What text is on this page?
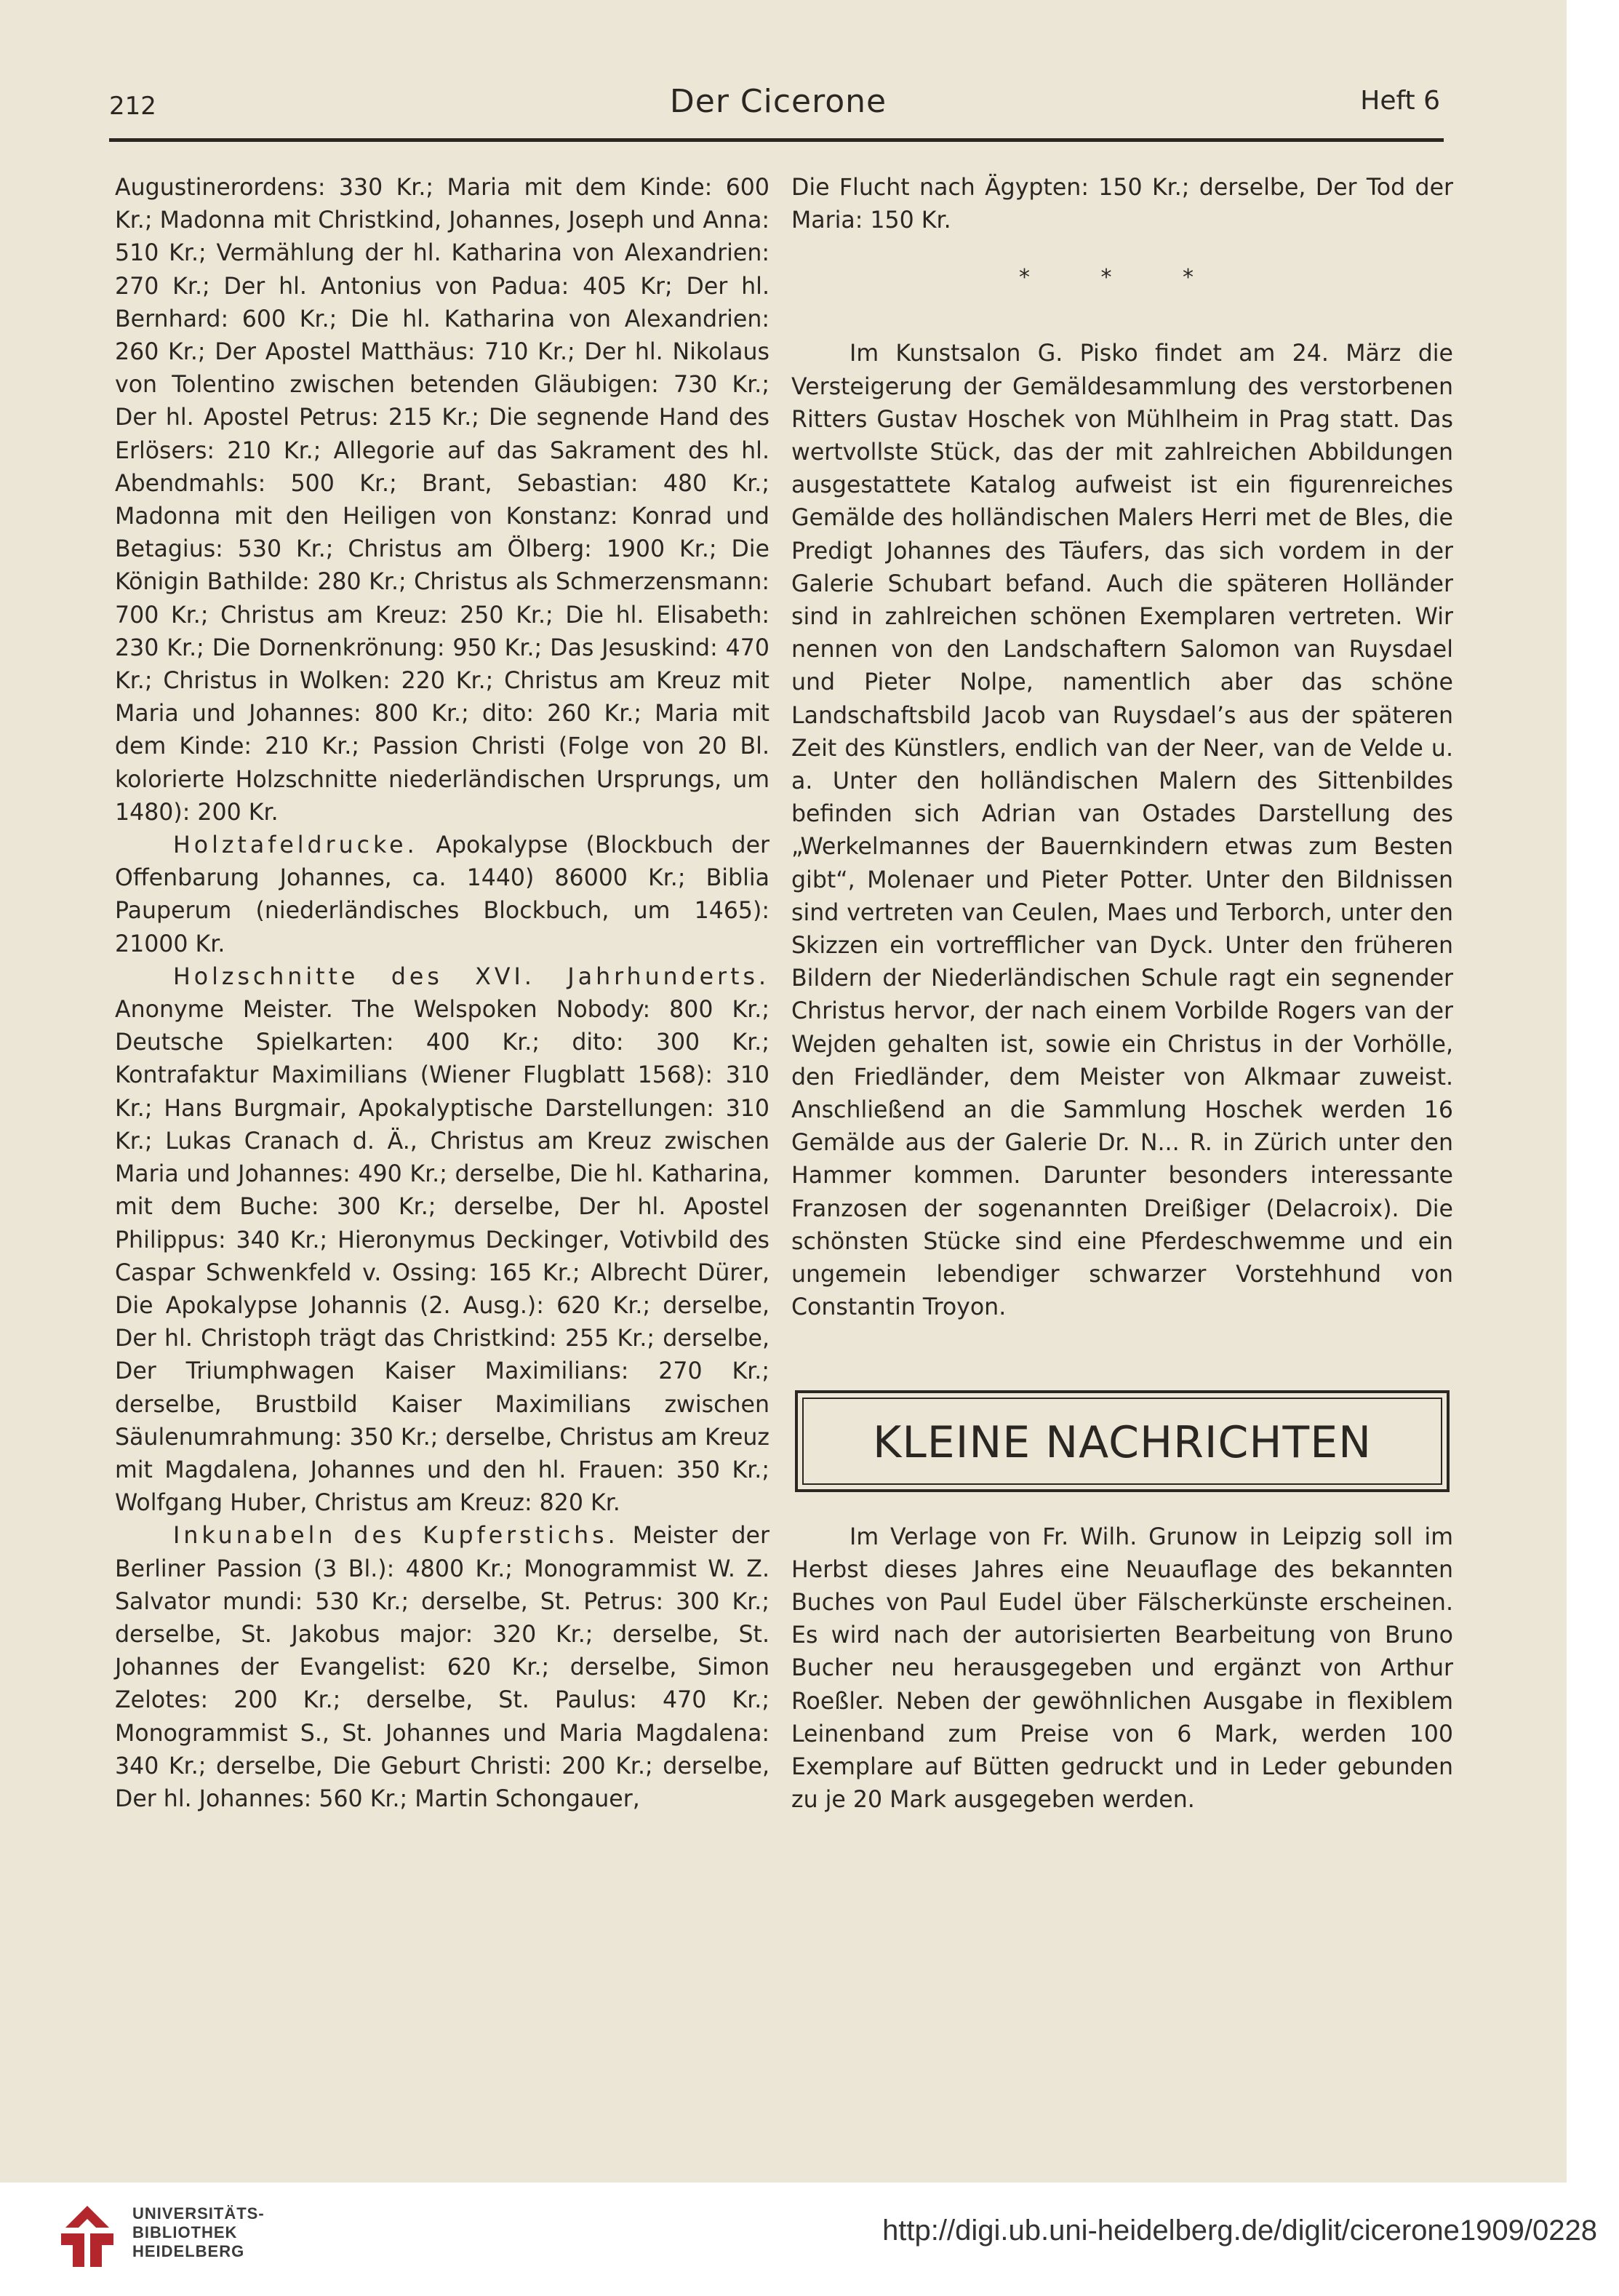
212	Der Cicerone	Heft 6

Augustinerordens: 330 Kr.; Maria mit dem Kinde: 600 Kr.; Madonna mit Christkind, Johannes, Joseph und Anna: 510 Kr.; Vermählung der hl. Katharina von Alexandrien: 270 Kr.; Der hl. Antonius von Padua: 405 Kr; Der hl. Bernhard: 600 Kr.; Die hl. Katharina von Alexandrien: 260 Kr.; Der Apostel Matthäus: 710 Kr.; Der hl. Nikolaus von Tolentino zwischen betenden Gläubigen: 730 Kr.; Der hl. Apostel Petrus: 215 Kr.; Die segnende Hand des Erlösers: 210 Kr.; Allegorie auf das Sakrament des hl. Abendmahls: 500 Kr.; Brant, Sebastian: 480 Kr.; Madonna mit den Heiligen von Konstanz: Konrad und Betagius: 530 Kr.; Christus am Ölberg: 1900 Kr.; Die Königin Bathilde: 280 Kr.; Christus als Schmerzensmann: 700 Kr.; Christus am Kreuz: 250 Kr.; Die hl. Elisabeth: 230 Kr.; Die Dornenkrönung: 950 Kr.; Das Jesuskind: 470 Kr.; Christus in Wolken: 220 Kr.; Christus am Kreuz mit Maria und Johannes: 800 Kr.; dito: 260 Kr.; Maria mit dem Kinde: 210 Kr.; Passion Christi (Folge von 20 Bl. kolorierte Holzschnitte niederländischen Ursprungs, um 1480): 200 Kr.

Holztafeldrucke. Apokalypse (Blockbuch der Offenbarung Johannes, ca. 1440) 86000 Kr.; Biblia Pauperum (niederländisches Blockbuch, um 1465): 21000 Kr.

Holzschnitte des XVI. Jahrhunderts. Anonyme Meister. The Welspoken Nobody: 800 Kr.; Deutsche Spielkarten: 400 Kr.; dito: 300 Kr.; Kontrafaktur Maximilians (Wiener Flugblatt 1568): 310 Kr.; Hans Burgmair, Apokalyptische Darstellungen: 310 Kr.; Lukas Cranach d. Ä., Christus am Kreuz zwischen Maria und Johannes: 490 Kr.; derselbe, Die hl. Katharina, mit dem Buche: 300 Kr.; derselbe, Der hl. Apostel Philippus: 340 Kr.; Hieronymus Deckinger, Votivbild des Caspar Schwenkfeld v. Ossing: 165 Kr.; Albrecht Dürer, Die Apokalypse Johannis (2. Ausg.): 620 Kr.; derselbe, Der hl. Christoph trägt das Christkind: 255 Kr.; derselbe, Der Triumphwagen Kaiser Maximilians: 270 Kr.; derselbe, Brustbild Kaiser Maximilians zwischen Säulenumrahmung: 350 Kr.; derselbe, Christus am Kreuz mit Magdalena, Johannes und den hl. Frauen: 350 Kr.; Wolfgang Huber, Christus am Kreuz: 820 Kr.

Inkunabeln des Kupferstichs. Meister der Berliner Passion (3 Bl.): 4800 Kr.; Monogrammist W. Z. Salvator mundi: 530 Kr.; derselbe, St. Petrus: 300 Kr.; derselbe, St. Jakobus major: 320 Kr.; derselbe, St. Johannes der Evangelist: 620 Kr.; derselbe, Simon Zelotes: 200 Kr.; derselbe, St. Paulus: 470 Kr.; Monogrammist S., St. Johannes und Maria Magdalena: 340 Kr.; derselbe, Die Geburt Christi: 200 Kr.; derselbe, Der hl. Johannes: 560 Kr.; Martin Schongauer,

Die Flucht nach Ägypten: 150 Kr.; derselbe, Der Tod der Maria: 150 Kr.

* * *

Im Kunstsalon G. Pisko findet am 24. März die Versteigerung der Gemäldesammlung des verstorbenen Ritters Gustav Hoschek von Mühlheim in Prag statt. Das wertvollste Stück, das der mit zahlreichen Abbildungen ausgestattete Katalog aufweist ist ein figurenreiches Gemälde des holländischen Malers Herri met de Bles, die Predigt Johannes des Täufers, das sich vordem in der Galerie Schubart befand. Auch die späteren Holländer sind in zahlreichen schönen Exemplaren vertreten. Wir nennen von den Landschaftern Salomon van Ruysdael und Pieter Nolpe, namentlich aber das schöne Landschaftsbild Jacob van Ruysdael’s aus der späteren Zeit des Künstlers, endlich van der Neer, van de Velde u. a. Unter den holländischen Malern des Sittenbildes befinden sich Adrian van Ostades Darstellung des „Werkelmannes der Bauernkindern etwas zum Besten gibt“, Molenaer und Pieter Potter. Unter den Bildnissen sind vertreten van Ceulen, Maes und Terborch, unter den Skizzen ein vortrefflicher van Dyck. Unter den früheren Bildern der Niederländischen Schule ragt ein segnender Christus hervor, der nach einem Vorbilde Rogers van der Wejden gehalten ist, sowie ein Christus in der Vorhölle, den Friedländer, dem Meister von Alkmaar zuweist. Anschließend an die Sammlung Hoschek werden 16 Gemälde aus der Galerie Dr. N... R. in Zürich unter den Hammer kommen. Darunter besonders interessante Franzosen der sogenannten Dreißiger (Delacroix). Die schönsten Stücke sind eine Pferdeschwemme und ein ungemein lebendiger schwarzer Vorstehhund von Constantin Troyon.

KLEINE NACHRICHTEN

Im Verlage von Fr. Wilh. Grunow in Leipzig soll im Herbst dieses Jahres eine Neuauflage des bekannten Buches von Paul Eudel über Fälscherkünste erscheinen. Es wird nach der autorisierten Bearbeitung von Bruno Bucher neu herausgegeben und ergänzt von Arthur Roeßler. Neben der gewöhnlichen Ausgabe in flexiblem Leinenband zum Preise von 6 Mark, werden 100 Exemplare auf Bütten gedruckt und in Leder gebunden zu je 20 Mark ausgegeben werden.

UNIVERSITÄTS-
BIBLIOTHEK
HEIDELBERG
http://digi.ub.uni-heidelberg.de/diglit/cicerone1909/0228
